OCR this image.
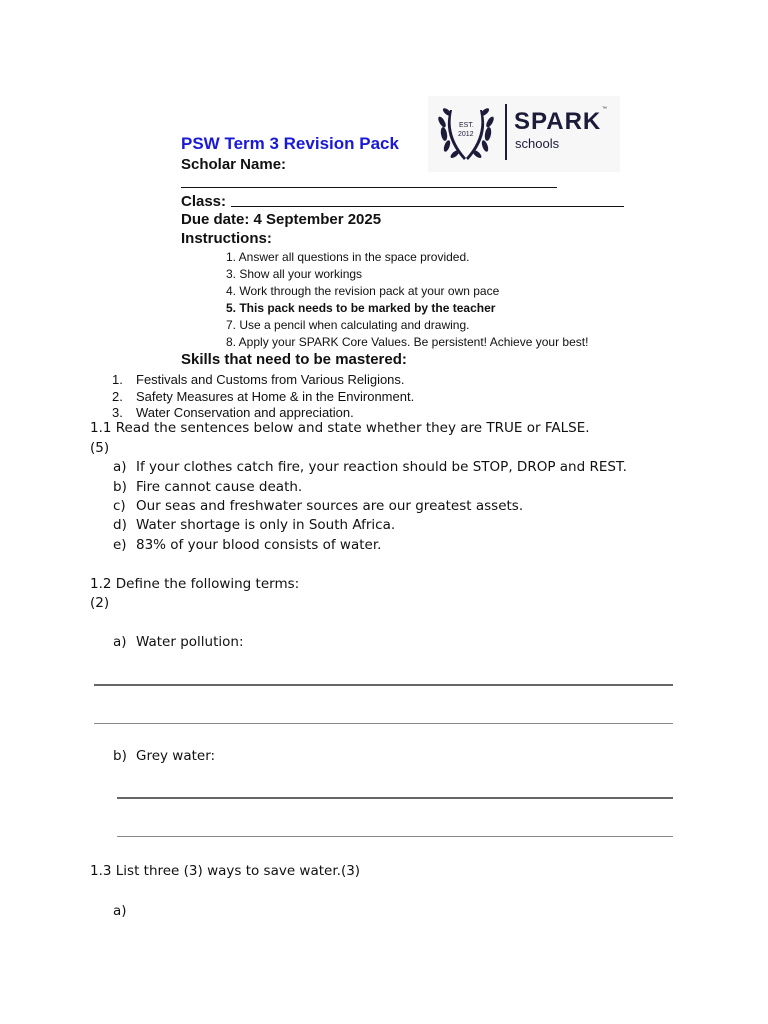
PSW Term 3 Revision Pack
Scholar Name:
Class:
Due date: 4 September 2025
Instructions:
EST.
2012 SPARK ™
schools
1. Answer all questions in the space provided.
3. Show all your workings
4. Work through the revision pack at your own pace
5. This pack needs to be marked by the teacher
7. Use a pencil when calculating and drawing.
8. Apply your SPARK Core Values. Be persistent! Achieve your best!
Skills that need to be mastered:
1. Festivals and Customs from Various Religions.
2. Safety Measures at Home & in the Environment.
3. Water Conservation and appreciation.
1.1 Read the sentences below and state whether they are TRUE or FALSE.
(5)
a) If your clothes catch fire, your reaction should be STOP, DROP and REST.
b) Fire cannot cause death.
c) Our seas and freshwater sources are our greatest assets.
d) Water shortage is only in South Africa.
e) 83% of your blood consists of water.
1.2 Define the following terms:
(2)
a) Water pollution:
b) Grey water:
1.3 List three (3) ways to save water.(3)
a)
